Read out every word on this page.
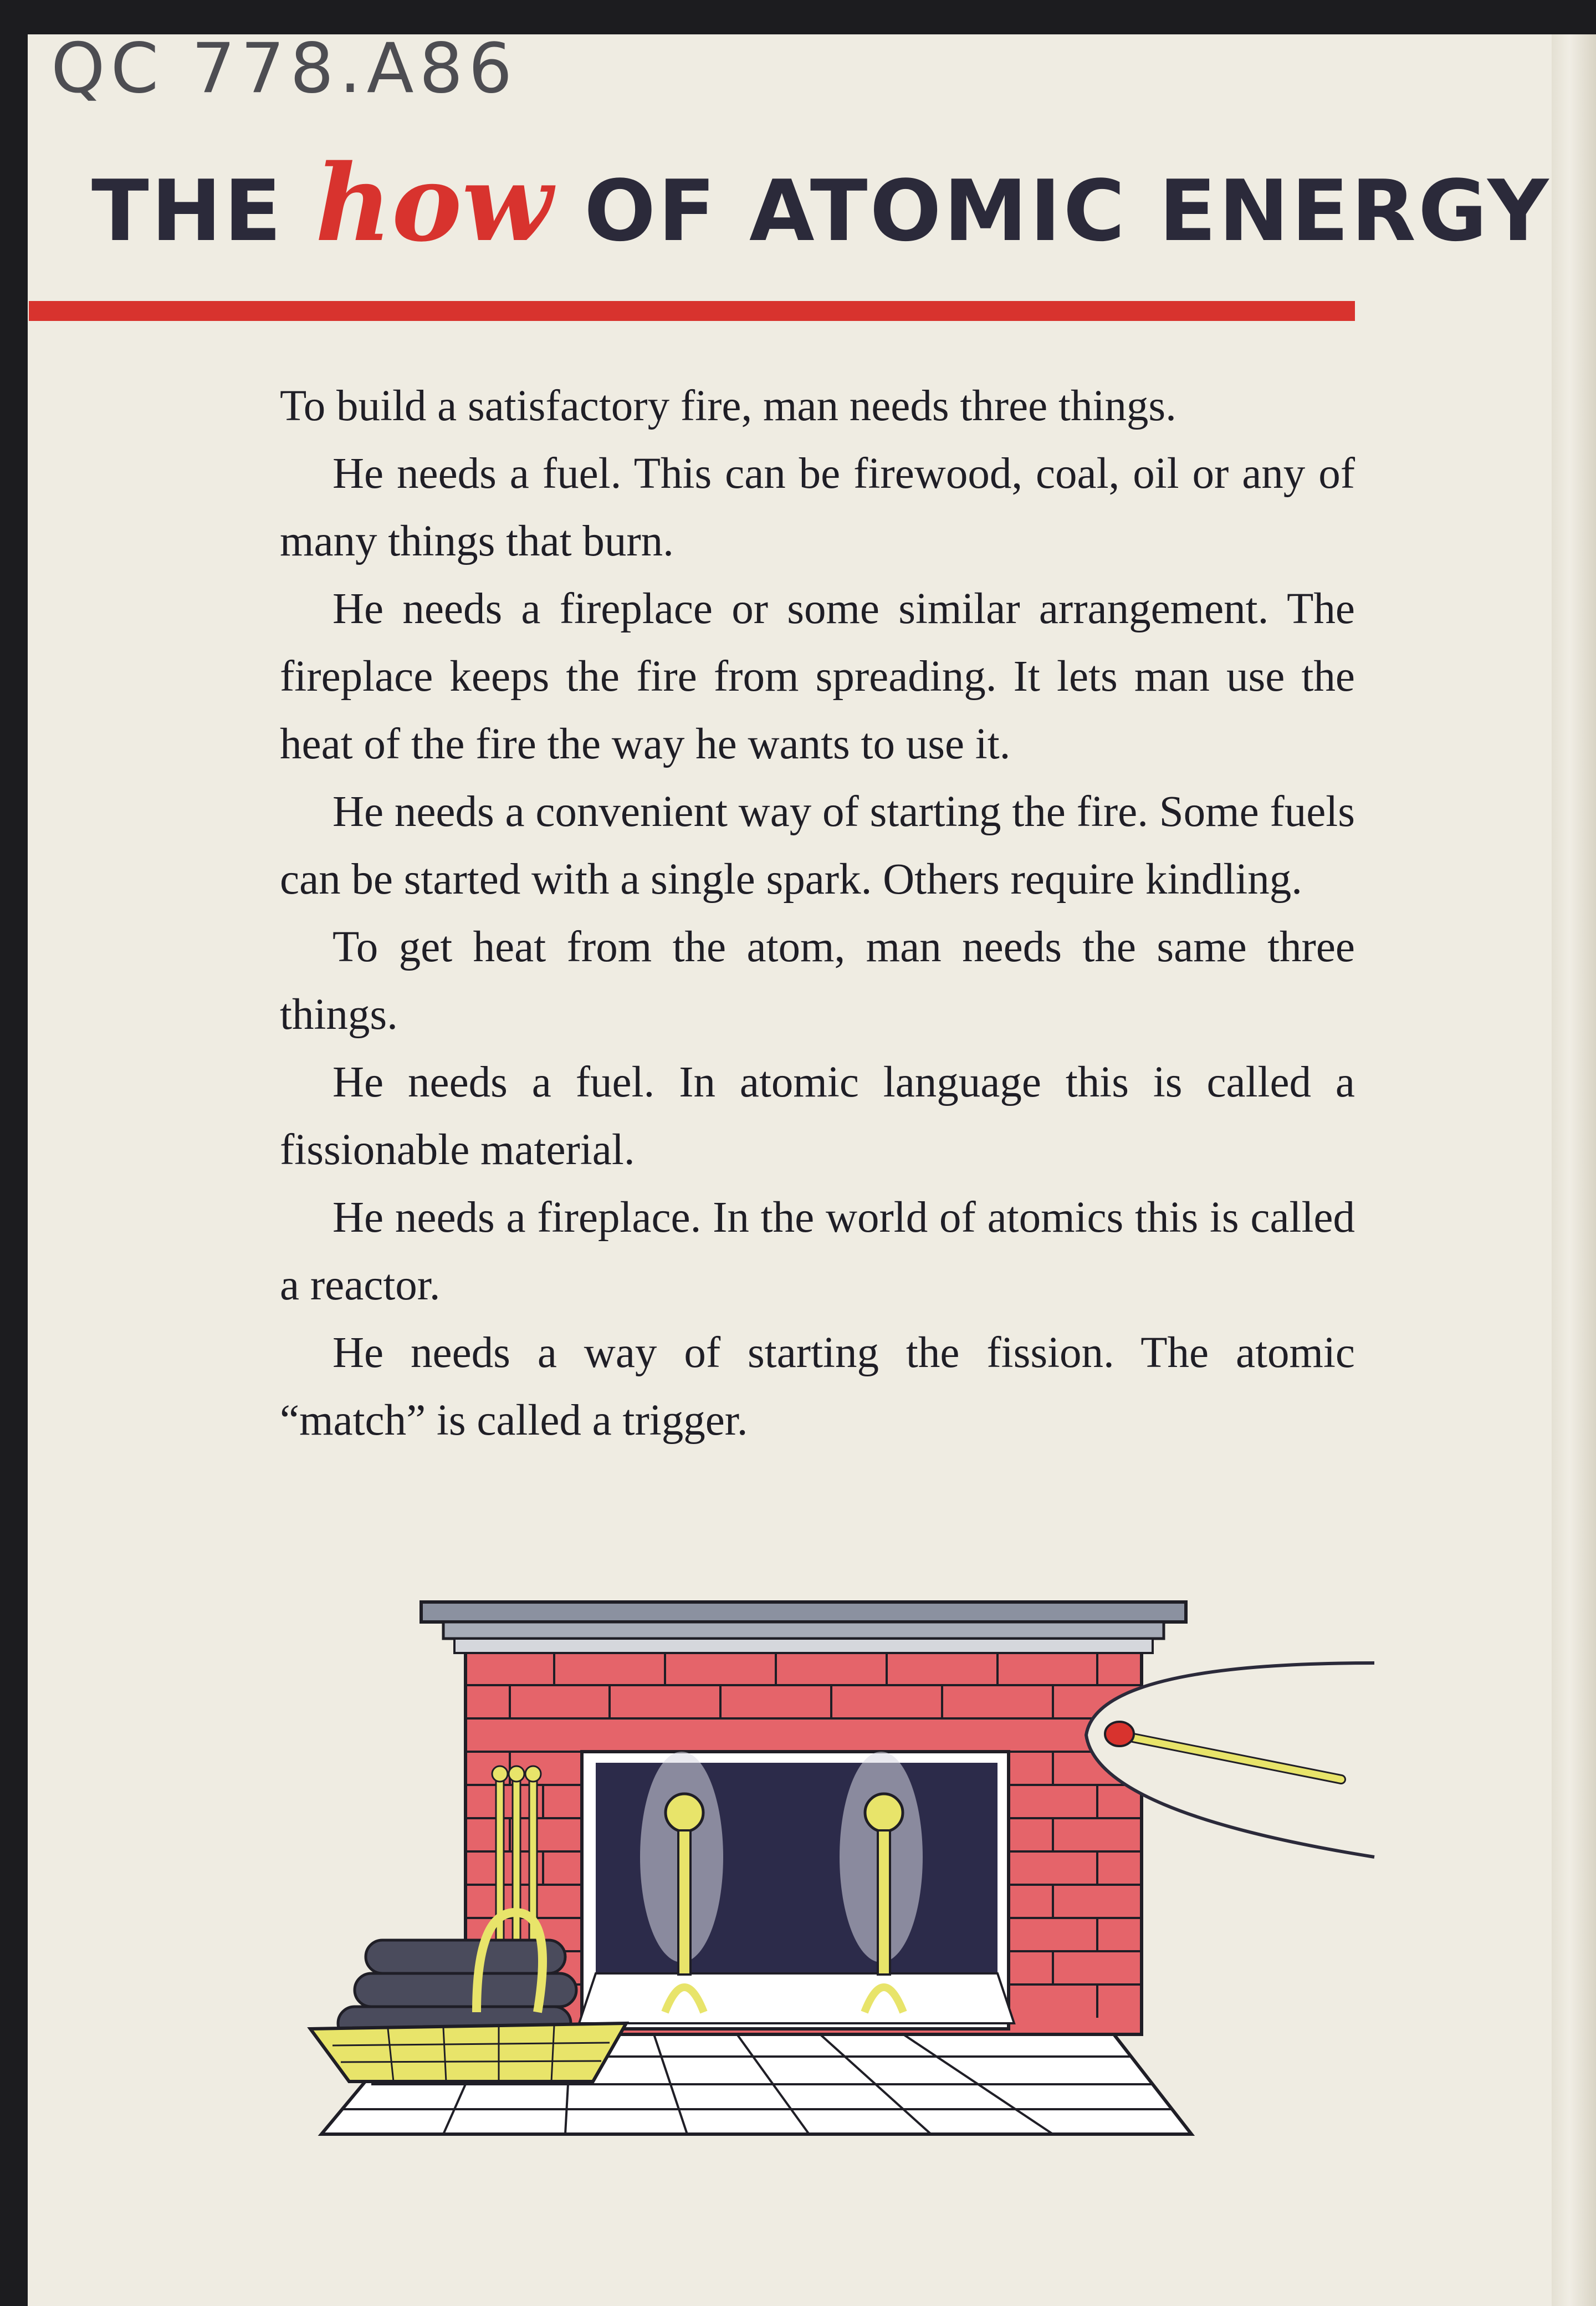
QC 778.A86
THE how OF ATOMIC ENERGY

To build a satisfactory fire, man needs three things.

He needs a fuel. This can be firewood, coal, oil or any of many things that burn.

He needs a fireplace or some similar arrangement. The fireplace keeps the fire from spreading. It lets man use the heat of the fire the way he wants to use it.

He needs a convenient way of starting the fire. Some fuels can be started with a single spark. Others require kindling.

To get heat from the atom, man needs the same three things.

He needs a fuel. In atomic language this is called a fissionable material.

He needs a fireplace. In the world of atomics this is called a reactor.

He needs a way of starting the fission. The atomic “match” is called a trigger.
